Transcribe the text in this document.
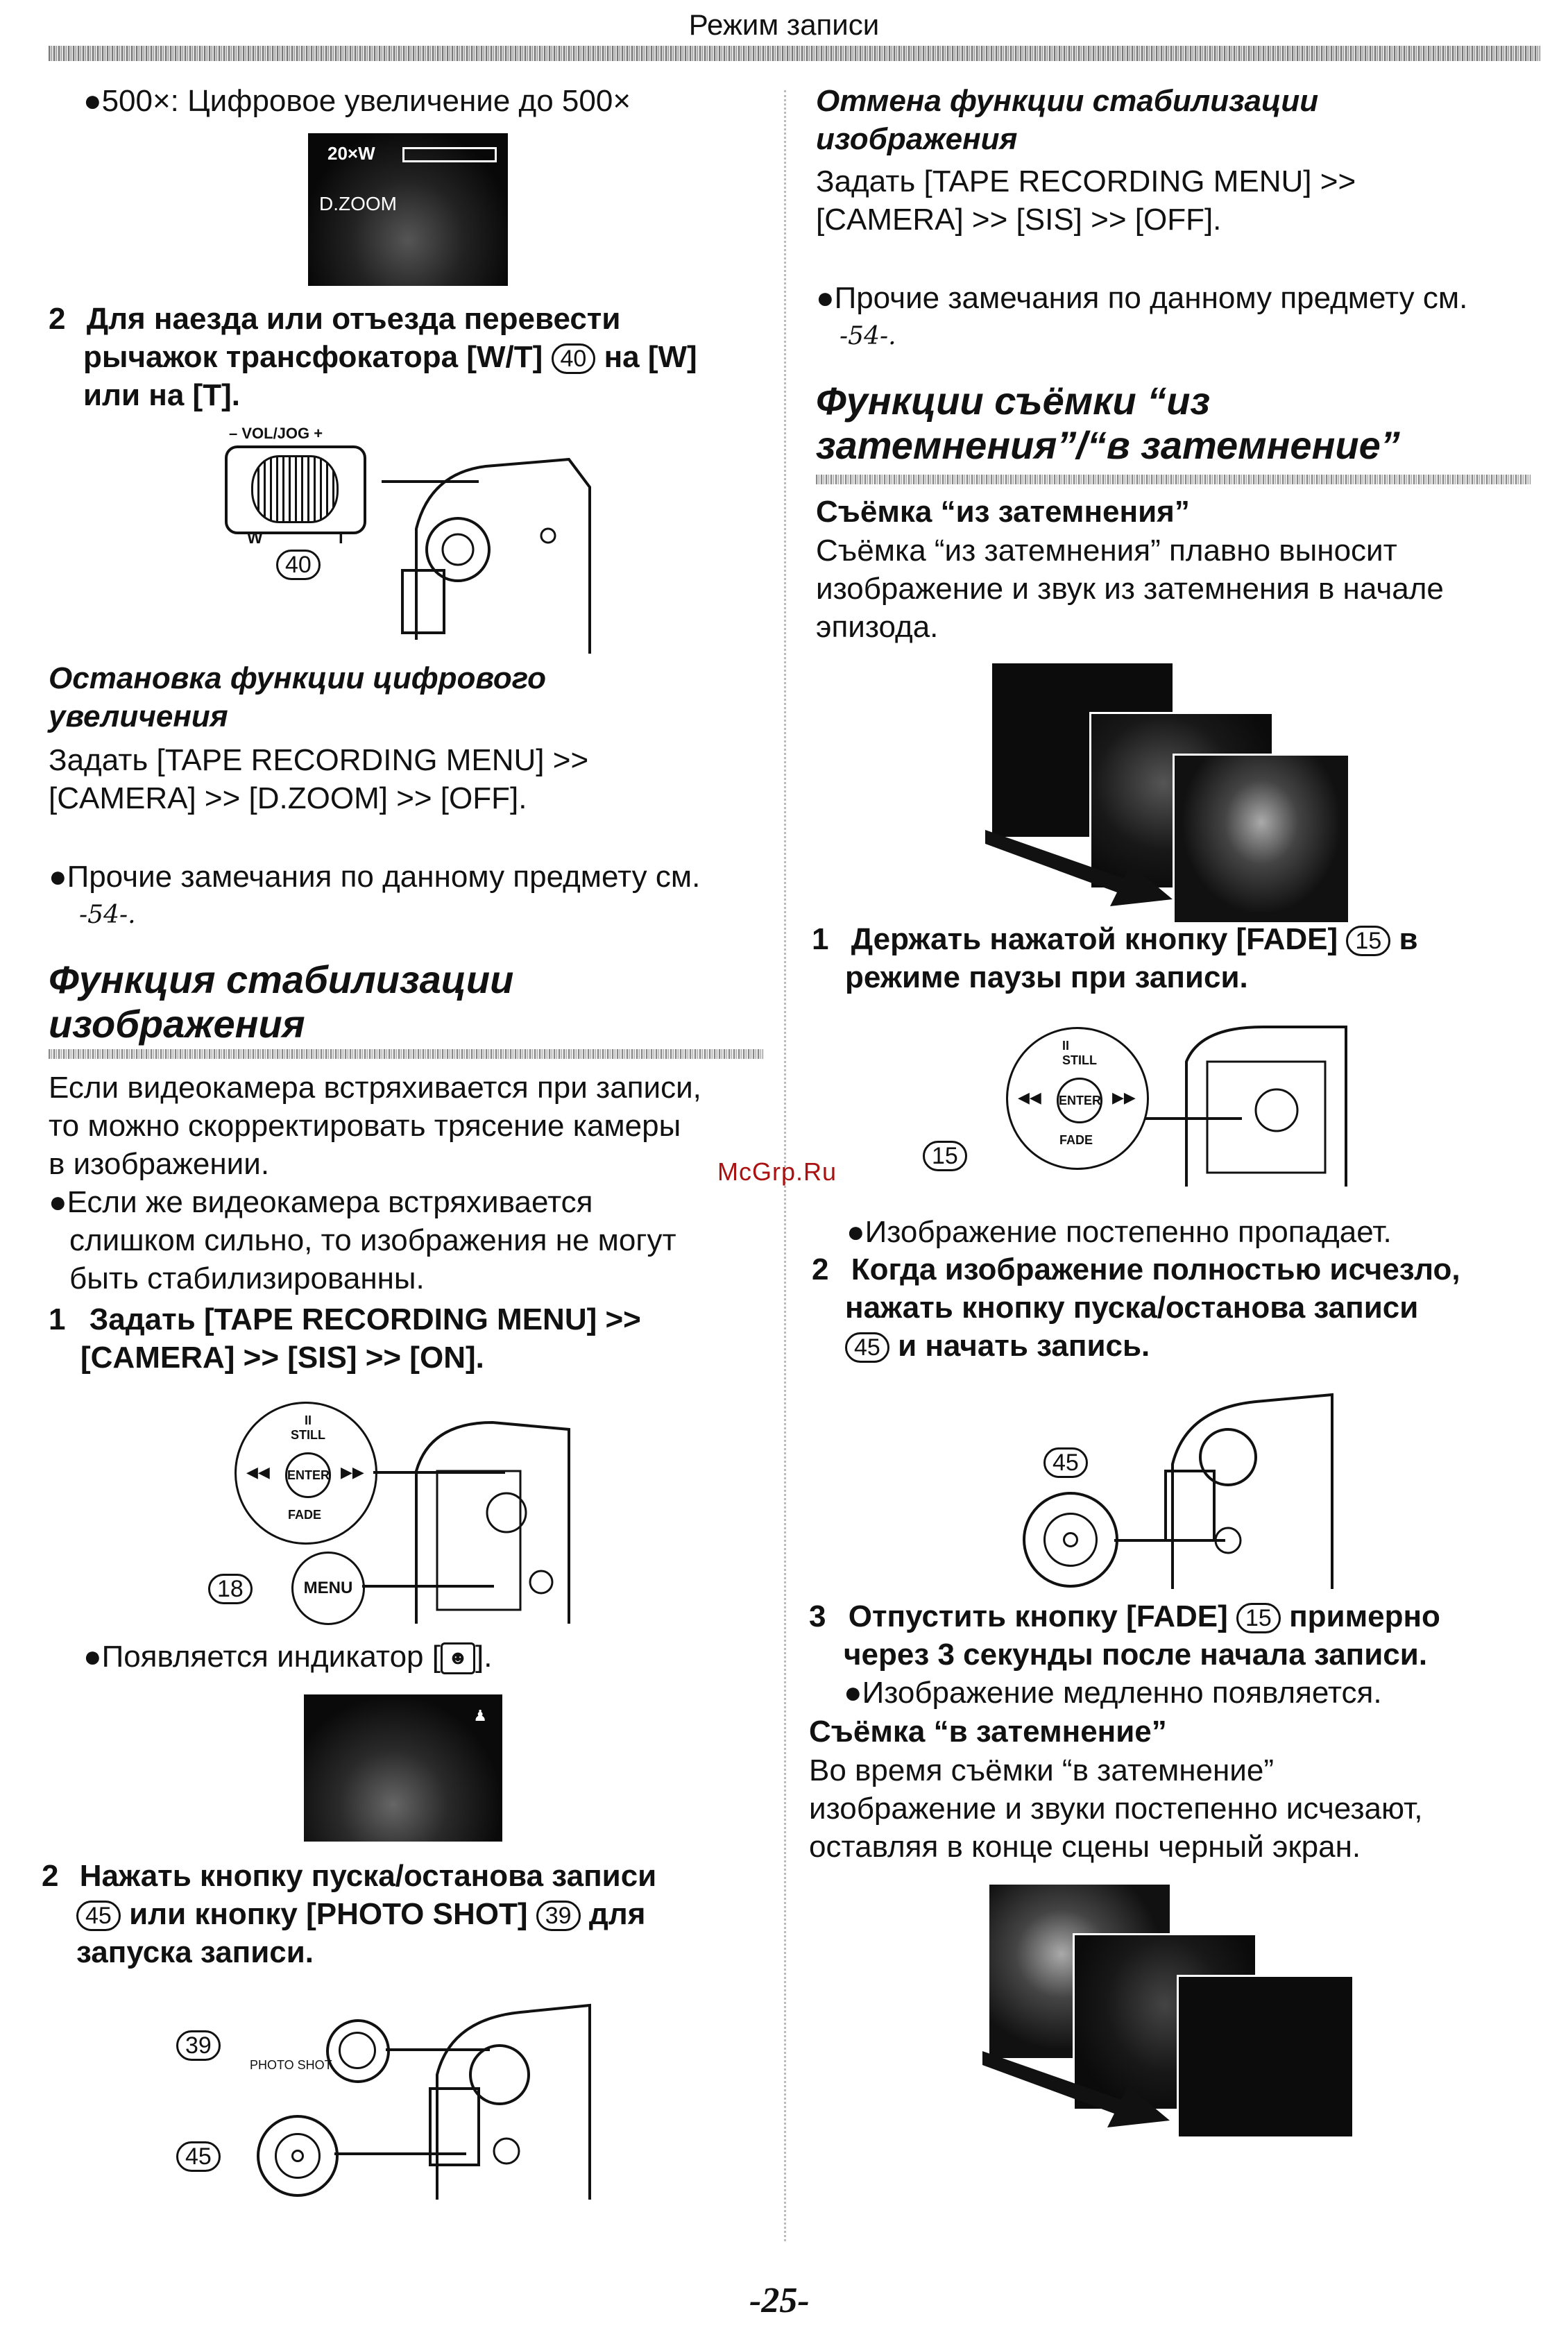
Режим записи
●500×: Цифровое увеличение до 500×
20×W
D.ZOOM
2 Для наезда или отъезда перевести
рычажок трансфокатора [W/T] 40 на [W]
или на [T].
– VOL/JOG +
W	T
40
Остановка функции цифрового
увеличения
Задать [TAPE RECORDING MENU] >>
[CAMERA] >> [D.ZOOM] >> [OFF].
●Прочие замечания по данному предмету см.
-54-.
Функция стабилизации
изображения
Если видеокамера встряхивается при записи,
то можно скорректировать трясение камеры
в изображении.
●Если же видеокамера встряхивается
слишком сильно, то изображения не могут
быть стабилизированны.
1 Задать [TAPE RECORDING MENU] >>
[CAMERA] >> [SIS] >> [ON].
ENTER
II
STILL
FADE
◀◀	▶▶
MENU
18
●Появляется индикатор [ ☻ ].
♟
2 Нажать кнопку пуска/останова записи
45 или кнопку [PHOTO SHOT] 39 для
запуска записи.
39
PHOTO SHOT
45
Отмена функции стабилизации
изображения
Задать [TAPE RECORDING MENU] >>
[CAMERA] >> [SIS] >> [OFF].
●Прочие замечания по данному предмету см.
-54-.
Функции съёмки “из
затемнения”/“в затемнение”
Съёмка “из затемнения”
Съёмка “из затемнения” плавно выносит
изображение и звук из затемнения в начале
эпизода.
1 Держать нажатой кнопку [FADE] 15 в
режиме паузы при записи.
ENTER
II
STILL
FADE
◀◀	▶▶
15
●Изображение постепенно пропадает.
2 Когда изображение полностью исчезло,
нажать кнопку пуска/останова записи
45 и начать запись.
45
3 Отпустить кнопку [FADE] 15 примерно
через 3 секунды после начала записи.
●Изображение медленно появляется.
Съёмка “в затемнение”
Во время съёмки “в затемнение”
изображение и звуки постепенно исчезают,
оставляя в конце сцены черный экран.
McGrp.Ru
-25-
